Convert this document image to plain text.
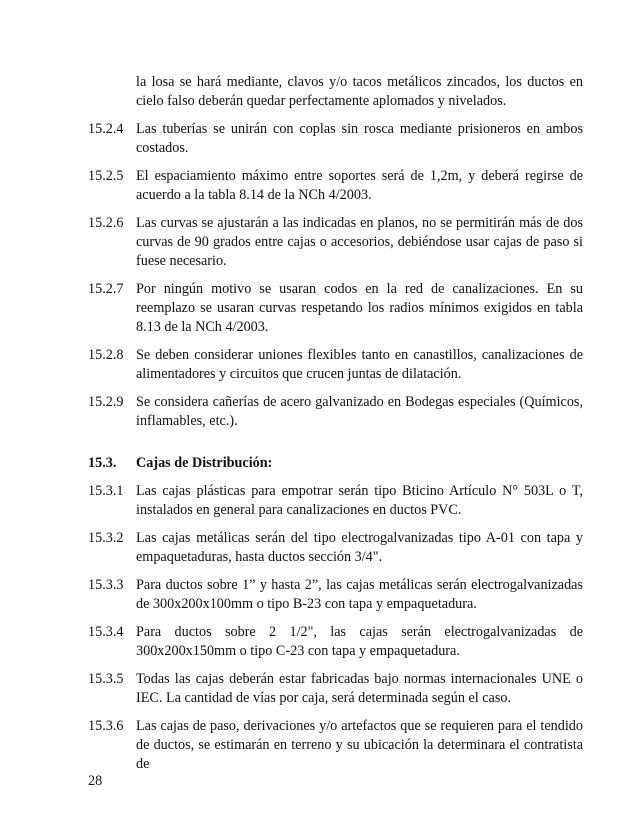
la losa se hará mediante, clavos y/o tacos metálicos zincados, los ductos en cielo falso deberán quedar perfectamente aplomados y nivelados.
15.2.4 Las tuberías se unirán con coplas sin rosca mediante prisioneros en ambos costados.
15.2.5 El espaciamiento máximo entre soportes será de 1,2m, y deberá regirse de acuerdo a la tabla 8.14 de la NCh 4/2003.
15.2.6 Las curvas se ajustarán a las indicadas en planos, no se permitirán más de dos curvas de 90 grados entre cajas o accesorios, debiéndose usar cajas de paso si fuese necesario.
15.2.7 Por ningún motivo se usaran codos en la red de canalizaciones. En su reemplazo se usaran curvas respetando los radios mínimos exigidos en tabla 8.13 de la NCh 4/2003.
15.2.8 Se deben considerar uniones flexibles tanto en canastillos, canalizaciones de alimentadores y circuitos que crucen juntas de dilatación.
15.2.9 Se considera cañerías de acero galvanizado en Bodegas especiales (Químicos, inflamables, etc.).
15.3. Cajas de Distribución:
15.3.1 Las cajas plásticas para empotrar serán tipo Bticino Artículo N° 503L o T, instalados en general para canalizaciones en ductos PVC.
15.3.2 Las cajas metálicas serán del tipo electrogalvanizadas tipo A-01 con tapa y empaquetaduras, hasta ductos sección 3/4".
15.3.3 Para ductos sobre 1” y hasta 2”, las cajas metálicas serán electrogalvanizadas de 300x200x100mm o tipo B-23 con tapa y empaquetadura.
15.3.4 Para ductos sobre 2 1/2", las cajas serán electrogalvanizadas de 300x200x150mm o tipo C-23 con tapa y empaquetadura.
15.3.5 Todas las cajas deberán estar fabricadas bajo normas internacionales UNE o IEC. La cantidad de vías por caja, será determinada según el caso.
15.3.6 Las cajas de paso, derivaciones y/o artefactos que se requieren para el tendido de ductos, se estimarán en terreno y su ubicación la determinara el contratista de
28
